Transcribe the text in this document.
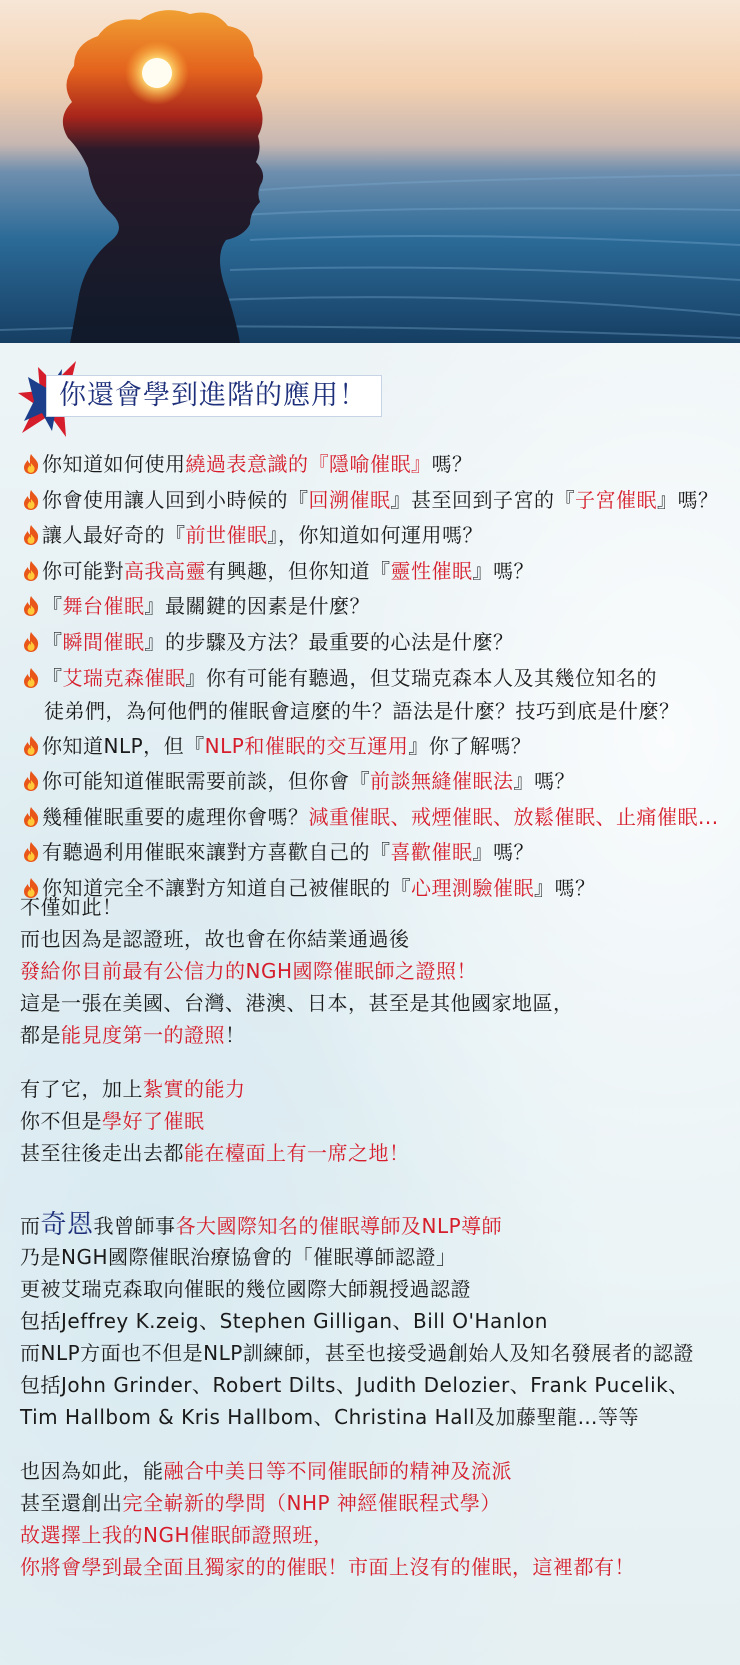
你還會學到進階的應用！
你知道如何使用繞過表意識的『隱喻催眠』嗎？
你會使用讓人回到小時候的『回溯催眠』甚至回到子宮的『子宮催眠』嗎？
讓人最好奇的『前世催眠』，你知道如何運用嗎？
你可能對高我高靈有興趣，但你知道『靈性催眠』嗎？
『舞台催眠』最關鍵的因素是什麼？
『瞬間催眠』的步驟及方法？最重要的心法是什麼？
『艾瑞克森催眠』你有可能有聽過，但艾瑞克森本人及其幾位知名的
徒弟們，為何他們的催眠會這麼的牛？語法是什麼？技巧到底是什麼？
你知道NLP，但『NLP和催眠的交互運用』你了解嗎？
你可能知道催眠需要前談，但你會『前談無縫催眠法』嗎？
幾種催眠重要的處理你會嗎？減重催眠、戒煙催眠、放鬆催眠、止痛催眠...
有聽過利用催眠來讓對方喜歡自己的『喜歡催眠』嗎？
你知道完全不讓對方知道自己被催眠的『心理測驗催眠』嗎？
不僅如此！
而也因為是認證班，故也會在你結業通過後
發給你目前最有公信力的NGH國際催眠師之證照！
這是一張在美國、台灣、港澳、日本，甚至是其他國家地區，
都是能見度第一的證照！
有了它，加上紮實的能力
你不但是學好了催眠
甚至往後走出去都能在檯面上有一席之地！
而奇恩我曾師事各大國際知名的催眠導師及NLP導師
乃是NGH國際催眠治療協會的「催眠導師認證」
更被艾瑞克森取向催眠的幾位國際大師親授過認證
包括Jeffrey K.zeig、Stephen Gilligan、Bill O'Hanlon
而NLP方面也不但是NLP訓練師，甚至也接受過創始人及知名發展者的認證
包括John Grinder、Robert Dilts、Judith Delozier、Frank Pucelik、
Tim Hallbom & Kris Hallbom、Christina Hall及加藤聖龍…等等
也因為如此，能融合中美日等不同催眠師的精神及流派
甚至還創出完全嶄新的學問（NHP 神經催眠程式學）
故選擇上我的NGH催眠師證照班，
你將會學到最全面且獨家的的催眠！市面上沒有的催眠，這裡都有！
